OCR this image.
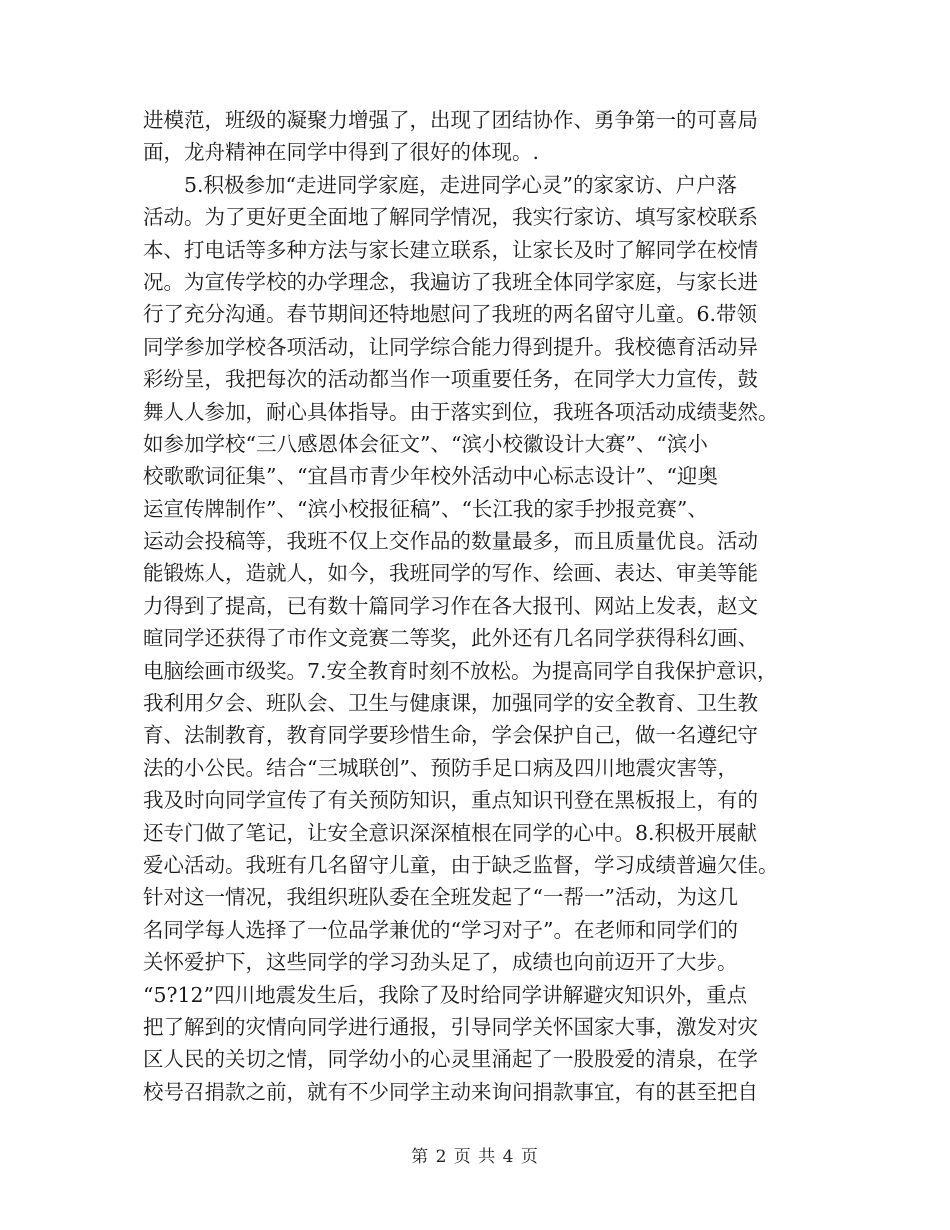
进模范，班级的凝聚力增强了，出现了团结协作、勇争第一的可喜局
面，龙舟精神在同学中得到了很好的体现。.
　　5.积极参加“走进同学家庭，走进同学心灵”的家家访、户户落
活动。为了更好更全面地了解同学情况，我实行家访、填写家校联系
本、打电话等多种方法与家长建立联系，让家长及时了解同学在校情
况。为宣传学校的办学理念，我遍访了我班全体同学家庭，与家长进
行了充分沟通。春节期间还特地慰问了我班的两名留守儿童。6.带领
同学参加学校各项活动，让同学综合能力得到提升。我校德育活动异
彩纷呈，我把每次的活动都当作一项重要任务，在同学大力宣传，鼓
舞人人参加，耐心具体指导。由于落实到位，我班各项活动成绩斐然。
如参加学校“三八感恩体会征文”、“滨小校徽设计大赛”、“滨小
校歌歌词征集”、“宜昌市青少年校外活动中心标志设计”、“迎奥
运宣传牌制作”、“滨小校报征稿”、“长江我的家手抄报竞赛”、
运动会投稿等，我班不仅上交作品的数量最多，而且质量优良。活动
能锻炼人，造就人，如今，我班同学的写作、绘画、表达、审美等能
力得到了提高，已有数十篇同学习作在各大报刊、网站上发表，赵文
暄同学还获得了市作文竞赛二等奖，此外还有几名同学获得科幻画、
电脑绘画市级奖。7.安全教育时刻不放松。为提高同学自我保护意识，
我利用夕会、班队会、卫生与健康课，加强同学的安全教育、卫生教
育、法制教育，教育同学要珍惜生命，学会保护自己，做一名遵纪守
法的小公民。结合“三城联创”、预防手足口病及四川地震灾害等，
我及时向同学宣传了有关预防知识，重点知识刊登在黑板报上，有的
还专门做了笔记，让安全意识深深植根在同学的心中。8.积极开展献
爱心活动。我班有几名留守儿童，由于缺乏监督，学习成绩普遍欠佳。
针对这一情况，我组织班队委在全班发起了“一帮一”活动，为这几
名同学每人选择了一位品学兼优的“学习对子”。在老师和同学们的
关怀爱护下，这些同学的学习劲头足了，成绩也向前迈开了大步。
“5?12”四川地震发生后，我除了及时给同学讲解避灾知识外，重点
把了解到的灾情向同学进行通报，引导同学关怀国家大事，激发对灾
区人民的关切之情，同学幼小的心灵里涌起了一股股爱的清泉，在学
校号召捐款之前，就有不少同学主动来询问捐款事宜，有的甚至把自
第 2 页 共 4 页
